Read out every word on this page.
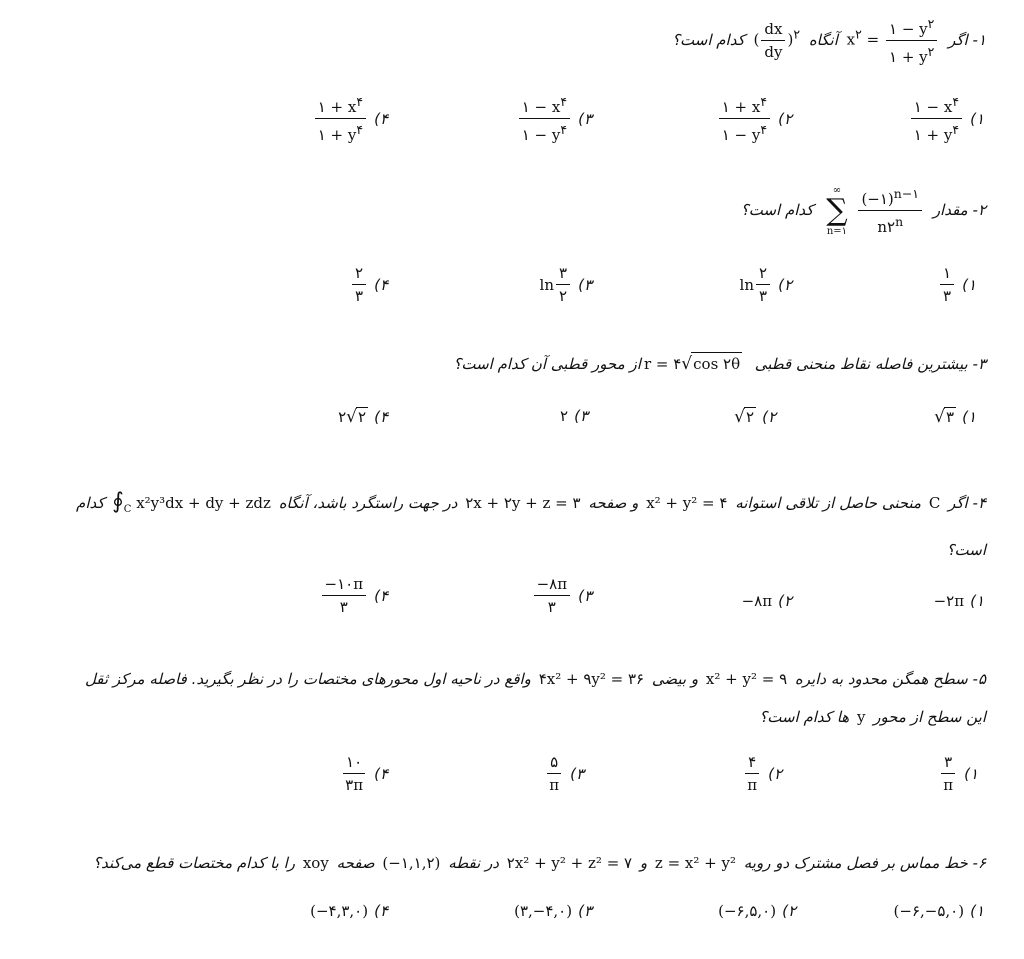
۱- اگر $x^۲ = \frac{۱ - y^۲}{۱ + y^۲}$
آنگاه ( $\frac{dx}{dy} )^۲$ کدام است؟
۱)
$\frac{۱ - x^۴}{۱ + y^۴}$
۲)
$\frac{۱ + x^۴}{۱ - y^۴}$
۳)
$\frac{۱ - x^۴}{۱ - y^۴}$
۴)
$\frac{۱ + x^۴}{۱ + y^۴}$
۲- مقدار
∞
∑
n=۱
$\frac{(-۱)^{n-۱}}{n۲^n}$
کدام است؟
۱)
$\frac{۱}{۳}$
۲)
$\ln \frac{۲}{۳}$
۳)
$\ln \frac{۳}{۲}$
۴)
$\frac{۲}{۳}$
۳- بیشترین فاصله نقاط منحنی قطبی r = ۴√cos ۲θ از محور قطبی آن کدام است؟
۱)
√۳
۲)
√۲
۳)
۲
۴)
۲√۲
۴- اگر C منحنی حاصل از تلاقی استوانه x² + y² = ۴ و صفحه ۲x + ۲y + z = ۳ در جهت راستگرد باشد، آنگاه $∮_C$ x²y³dx + dy + zdz کدام
است؟
۱)
−۲π
۲)
−۸π
۳)
$\frac{-۸\pi}{۳}$
۴)
$\frac{-۱۰\pi}{۳}$
۵- سطح همگن محدود به دایره x² + y² = ۹ و بیضی ۴x² + ۹y² = ۳۶ واقع در ناحیه اول محورهای مختصات را در نظر بگیرید. فاصله مرکز ثقل
این سطح از محور y ها کدام است؟
۱)
$\frac{۳}{\pi}$
۲)
$\frac{۴}{\pi}$
۳)
$\frac{۵}{\pi}$
۴)
$\frac{۱۰}{۳\pi}$
۶- خط مماس بر فصل مشترک دو رویه z = x² + y² و ۲x² + y² + z² = ۷ در نقطه (−۱,۱,۲) صفحه xoy را با کدام مختصات قطع می‌کند؟
۱)
(−۶,−۵,۰)
۲)
(−۶,۵,۰)
۳)
(۳,−۴,۰)
۴)
(−۴,۳,۰)
